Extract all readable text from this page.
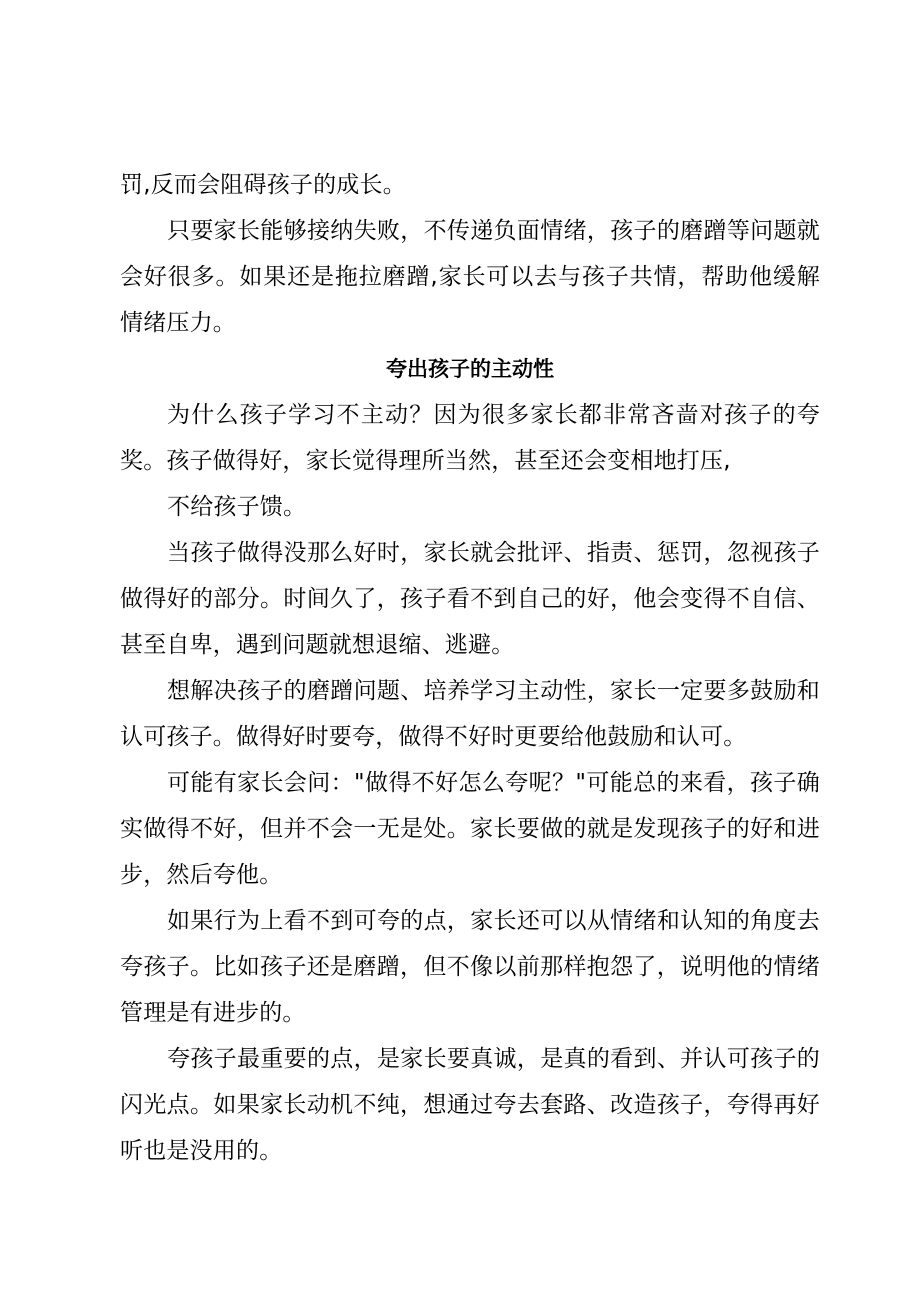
罚,反而会阻碍孩子的成长。

只要家长能够接纳失败，不传递负面情绪，孩子的磨蹭等问题就会好很多。如果还是拖拉磨蹭,家长可以去与孩子共情，帮助他缓解情绪压力。

夸出孩子的主动性

为什么孩子学习不主动？因为很多家长都非常吝啬对孩子的夸奖。孩子做得好，家长觉得理所当然，甚至还会变相地打压,

不给孩子馈。

当孩子做得没那么好时，家长就会批评、指责、惩罚，忽视孩子做得好的部分。时间久了，孩子看不到自己的好，他会变得不自信、甚至自卑，遇到问题就想退缩、逃避。

想解决孩子的磨蹭问题、培养学习主动性，家长一定要多鼓励和认可孩子。做得好时要夸，做得不好时更要给他鼓励和认可。

可能有家长会问："做得不好怎么夸呢？"可能总的来看，孩子确实做得不好，但并不会一无是处。家长要做的就是发现孩子的好和进步，然后夸他。

如果行为上看不到可夸的点，家长还可以从情绪和认知的角度去夸孩子。比如孩子还是磨蹭，但不像以前那样抱怨了，说明他的情绪管理是有进步的。

夸孩子最重要的点，是家长要真诚，是真的看到、并认可孩子的闪光点。如果家长动机不纯，想通过夸去套路、改造孩子，夸得再好听也是没用的。
